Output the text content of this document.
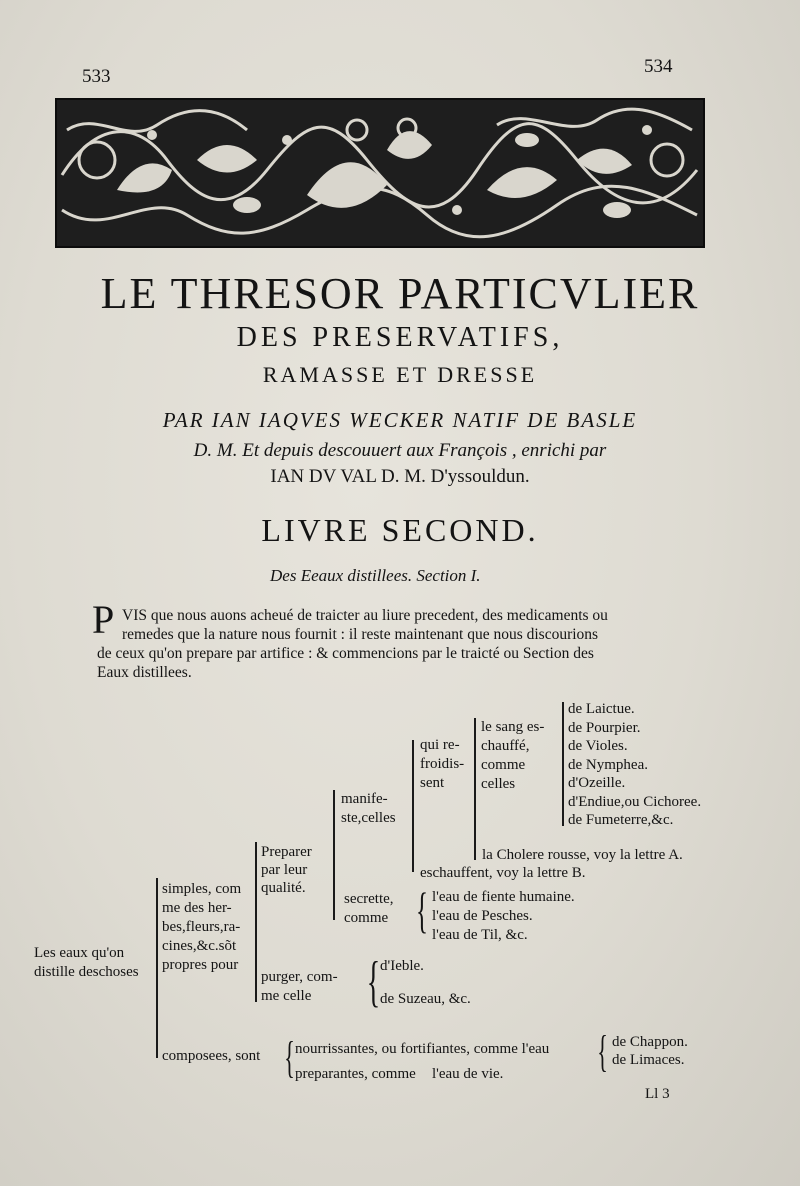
533	534
LE THRESOR PARTICVLIER
DES PRESERVATIFS,
RAMASSE ET DRESSE
PAR IAN IAQVES WECKER NATIF DE BASLE
D. M. Et depuis descouuert aux François , enrichi par
IAN DV VAL D. M. D'yssouldun.
LIVRE SECOND.
Des Eeaux distillees. Section I.
P VIS que nous auons acheué de traicter au liure precedent, des medicaments ou
remedes que la nature nous fournit : il reste maintenant que nous discourions
de ceux qu'on prepare par artifice : & commencions par le traicté ou Section des
Eaux distillees.
Les eaux qu'on
distille deschoses
simples, com
me des her-
bes,fleurs,ra-
cines,&c.sõt
propres pour
Preparer
par leur
qualité.
manife-
ste,celles
qui re-
froidis-
sent
le sang es-
chauffé,
comme
celles
de Laictue.
de Pourpier.
de Violes.
de Nymphea.
d'Ozeille.
d'Endiue,ou Cichoree.
de Fumeterre,&c.
la Cholere rousse, voy la lettre A.
eschauffent, voy la lettre B.
secrette,
comme { l'eau de fiente humaine.
l'eau de Pesches.
l'eau de Til, &c.
purger, com-
me celle { d'Ieble.
de Suzeau, &c.
composees, sont { nourrissantes, ou fortifiantes, comme l'eau { de Chappon.
de Limaces.
preparantes, comme l'eau de vie.
Ll 3
